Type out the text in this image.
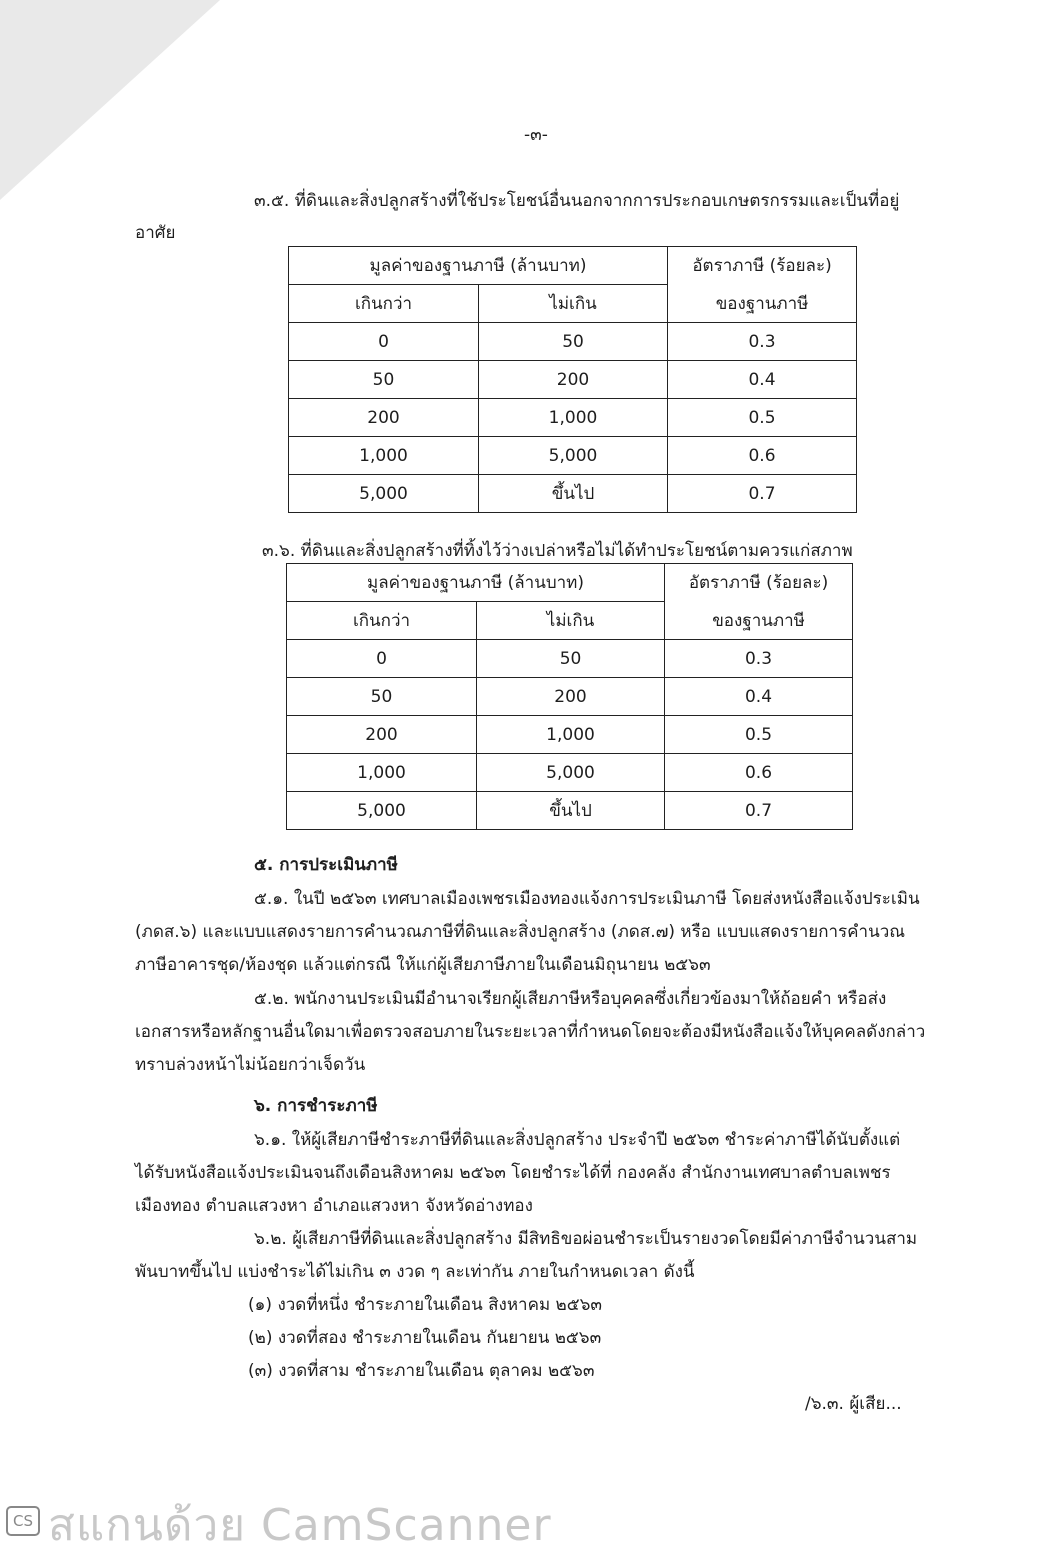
-๓-
๓.๕. ที่ดินและสิ่งปลูกสร้างที่ใช้ประโยชน์อื่นนอกจากการประกอบเกษตรกรรมและเป็นที่อยู่
อาศัย
มูลค่าของฐานภาษี (ล้านบาท)		อัตราภาษี (ร้อยละ)
เกินกว่า	ไม่เกิน	ของฐานภาษี
0	50	0.3
50	200	0.4
200	1,000	0.5
1,000	5,000	0.6
5,000	ขึ้นไป	0.7
๓.๖. ที่ดินและสิ่งปลูกสร้างที่ทิ้งไว้ว่างเปล่าหรือไม่ได้ทำประโยชน์ตามควรแก่สภาพ
มูลค่าของฐานภาษี (ล้านบาท)		อัตราภาษี (ร้อยละ)
เกินกว่า	ไม่เกิน	ของฐานภาษี
0	50	0.3
50	200	0.4
200	1,000	0.5
1,000	5,000	0.6
5,000	ขึ้นไป	0.7
๕. การประเมินภาษี
๕.๑. ในปี ๒๕๖๓ เทศบาลเมืองเพชรเมืองทองแจ้งการประเมินภาษี โดยส่งหนังสือแจ้งประเมิน
(ภดส.๖) และแบบแสดงรายการคำนวณภาษีที่ดินและสิ่งปลูกสร้าง (ภดส.๗) หรือ แบบแสดงรายการคำนวณ
ภาษีอาคารชุด/ห้องชุด แล้วแต่กรณี ให้แก่ผู้เสียภาษีภายในเดือนมิถุนายน ๒๕๖๓
๕.๒. พนักงานประเมินมีอำนาจเรียกผู้เสียภาษีหรือบุคคลซึ่งเกี่ยวข้องมาให้ถ้อยคำ หรือส่ง
เอกสารหรือหลักฐานอื่นใดมาเพื่อตรวจสอบภายในระยะเวลาที่กำหนดโดยจะต้องมีหนังสือแจ้งให้บุคคลดังกล่าว
ทราบล่วงหน้าไม่น้อยกว่าเจ็ดวัน
๖. การชำระภาษี
๖.๑. ให้ผู้เสียภาษีชำระภาษีที่ดินและสิ่งปลูกสร้าง ประจำปี ๒๕๖๓ ชำระค่าภาษีได้นับตั้งแต่
ได้รับหนังสือแจ้งประเมินจนถึงเดือนสิงหาคม ๒๕๖๓ โดยชำระได้ที่ กองคลัง สำนักงานเทศบาลตำบลเพชร
เมืองทอง ตำบลแสวงหา อำเภอแสวงหา จังหวัดอ่างทอง
๖.๒. ผู้เสียภาษีที่ดินและสิ่งปลูกสร้าง มีสิทธิขอผ่อนชำระเป็นรายงวดโดยมีค่าภาษีจำนวนสาม
พันบาทขึ้นไป แบ่งชำระได้ไม่เกิน ๓ งวด ๆ ละเท่ากัน ภายในกำหนดเวลา ดังนี้
(๑) งวดที่หนึ่ง ชำระภายในเดือน สิงหาคม ๒๕๖๓
(๒) งวดที่สอง ชำระภายในเดือน กันยายน ๒๕๖๓
(๓) งวดที่สาม ชำระภายในเดือน ตุลาคม ๒๕๖๓
/๖.๓. ผู้เสีย...
CS สแกนด้วย CamScanner
